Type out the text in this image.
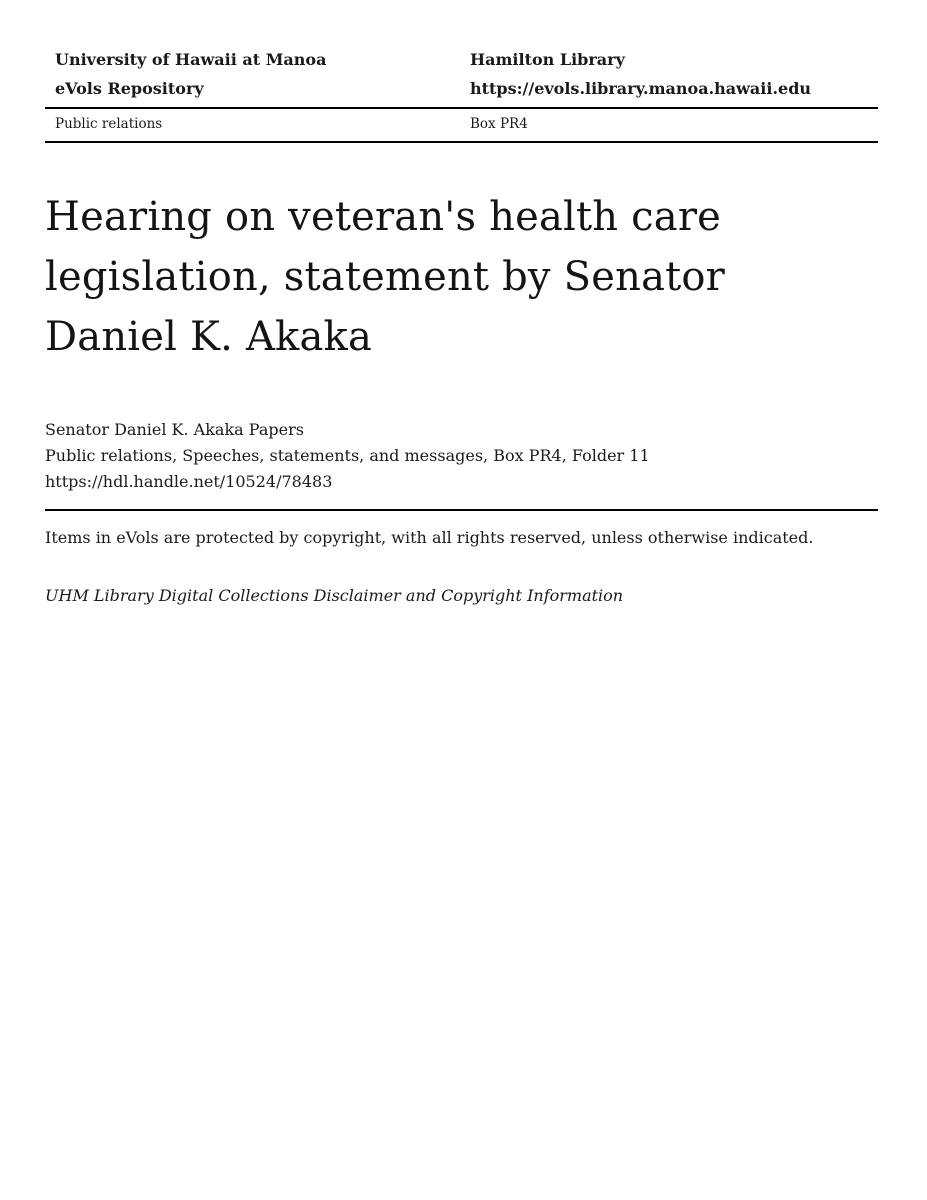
University of Hawaii at Manoa
eVols Repository
Hamilton Library
https://evols.library.manoa.hawaii.edu
Public relations	Box PR4
Hearing on veteran's health care
legislation, statement by Senator
Daniel K. Akaka
Senator Daniel K. Akaka Papers
Public relations, Speeches, statements, and messages, Box PR4, Folder 11
https://hdl.handle.net/10524/78483

Items in eVols are protected by copyright, with all rights reserved, unless otherwise indicated.

UHM Library Digital Collections Disclaimer and Copyright Information
